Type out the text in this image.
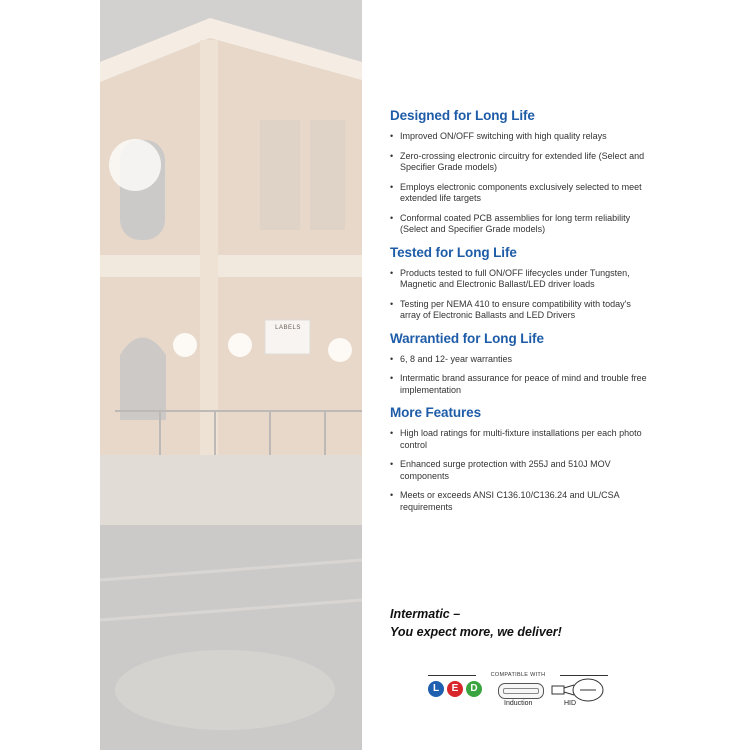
LABELS
Designed for Long Life
• Improved ON/OFF switching with high quality relays
• Zero-crossing electronic circuitry for extended life (Select and Specifier Grade models)
• Employs electronic components exclusively selected to meet extended life targets
• Conformal coated PCB assemblies for long term reliability (Select and Specifier Grade models)
Tested for Long Life
• Products tested to full ON/OFF lifecycles under Tungsten, Magnetic and Electronic Ballast/LED driver loads
• Testing per NEMA 410 to ensure compatibility with today's array of Electronic Ballasts and LED Drivers
Warrantied for Long Life
• 6, 8 and 12- year warranties
• Intermatic brand assurance for peace of mind and trouble free implementation
More Features
• High load ratings for multi-fixture installations per each photo control
• Enhanced surge protection with 255J and 510J MOV components
• Meets or exceeds ANSI C136.10/C136.24 and UL/CSA requirements
Intermatic –
You expect more, we deliver!
COMPATIBLE WITH
L	E	D
Induction	HID
